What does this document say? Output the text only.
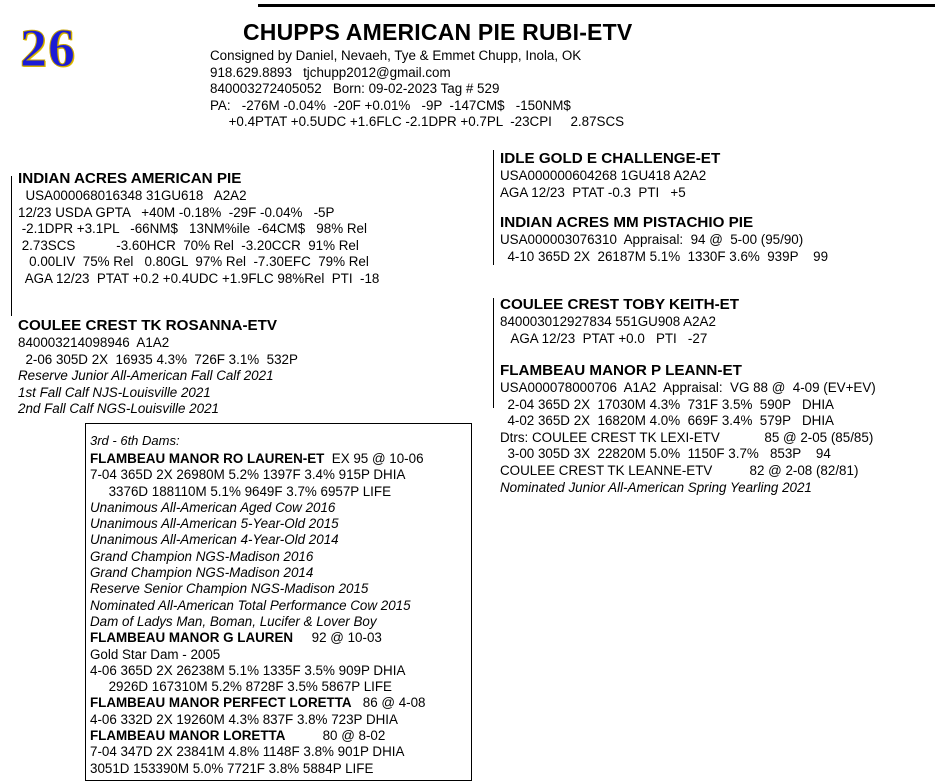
26	CHUPPS AMERICAN PIE RUBI-ETV
Consigned by Daniel, Nevaeh, Tye & Emmet Chupp, Inola, OK
918.629.8893   tjchupp2012@gmail.com
840003272405052   Born: 09-02-2023 Tag # 529
PA:   -276M -0.04%  -20F +0.01%   -9P  -147CM$   -150NM$
+0.4PTAT +0.5UDC +1.6FLC -2.1DPR +0.7PL  -23CPI     2.87SCS
INDIAN ACRES AMERICAN PIE
USA000068016348 31GU618   A2A2
12/23 USDA GPTA   +40M -0.18%  -29F -0.04%   -5P
-2.1DPR +3.1PL   -66NM$   13NM%ile  -64CM$   98% Rel
2.73SCS           -3.60HCR  70% Rel  -3.20CCR  91% Rel
0.00LIV  75% Rel   0.80GL  97% Rel  -7.30EFC  79% Rel
AGA 12/23  PTAT +0.2 +0.4UDC +1.9FLC 98%Rel  PTI  -18
COULEE CREST TK ROSANNA-ETV
840003214098946  A1A2
2-06 305D 2X  16935 4.3%  726F 3.1%  532P
Reserve Junior All-American Fall Calf 2021
1st Fall Calf NJS-Louisville 2021
2nd Fall Calf NGS-Louisville 2021
IDLE GOLD E CHALLENGE-ET
USA000000604268 1GU418 A2A2
AGA 12/23  PTAT -0.3  PTI   +5
INDIAN ACRES MM PISTACHIO PIE
USA000003076310  Appraisal:  94 @  5-00 (95/90)
4-10 365D 2X  26187M 5.1%  1330F 3.6%  939P    99
COULEE CREST TOBY KEITH-ET
840003012927834 551GU908 A2A2
AGA 12/23  PTAT +0.0   PTI   -27
FLAMBEAU MANOR P LEANN-ET
USA000078000706  A1A2  Appraisal:  VG 88 @  4-09 (EV+EV)
2-04 365D 2X  17030M 4.3%  731F 3.5%  590P   DHIA
4-02 365D 2X  16820M 4.0%  669F 3.4%  579P   DHIA
Dtrs: COULEE CREST TK LEXI-ETV            85 @ 2-05 (85/85)
3-00 305D 3X  22820M 5.0%  1150F 3.7%   853P    94
COULEE CREST TK LEANNE-ETV          82 @ 2-08 (82/81)
Nominated Junior All-American Spring Yearling 2021
3rd - 6th Dams:
FLAMBEAU MANOR RO LAUREN-ET  EX 95 @ 10-06
7-04 365D 2X 26980M 5.2% 1397F 3.4% 915P DHIA
3376D 188110M 5.1% 9649F 3.7% 6957P LIFE
Unanimous All-American Aged Cow 2016
Unanimous All-American 5-Year-Old 2015
Unanimous All-American 4-Year-Old 2014
Grand Champion NGS-Madison 2016
Grand Champion NGS-Madison 2014
Reserve Senior Champion NGS-Madison 2015
Nominated All-American Total Performance Cow 2015
Dam of Ladys Man, Boman, Lucifer & Lover Boy
FLAMBEAU MANOR G LAUREN     92 @ 10-03
Gold Star Dam - 2005
4-06 365D 2X 26238M 5.1% 1335F 3.5% 909P DHIA
2926D 167310M 5.2% 8728F 3.5% 5867P LIFE
FLAMBEAU MANOR PERFECT LORETTA   86 @ 4-08
4-06 332D 2X 19260M 4.3% 837F 3.8% 723P DHIA
FLAMBEAU MANOR LORETTA          80 @ 8-02
7-04 347D 2X 23841M 4.8% 1148F 3.8% 901P DHIA
3051D 153390M 5.0% 7721F 3.8% 5884P LIFE
